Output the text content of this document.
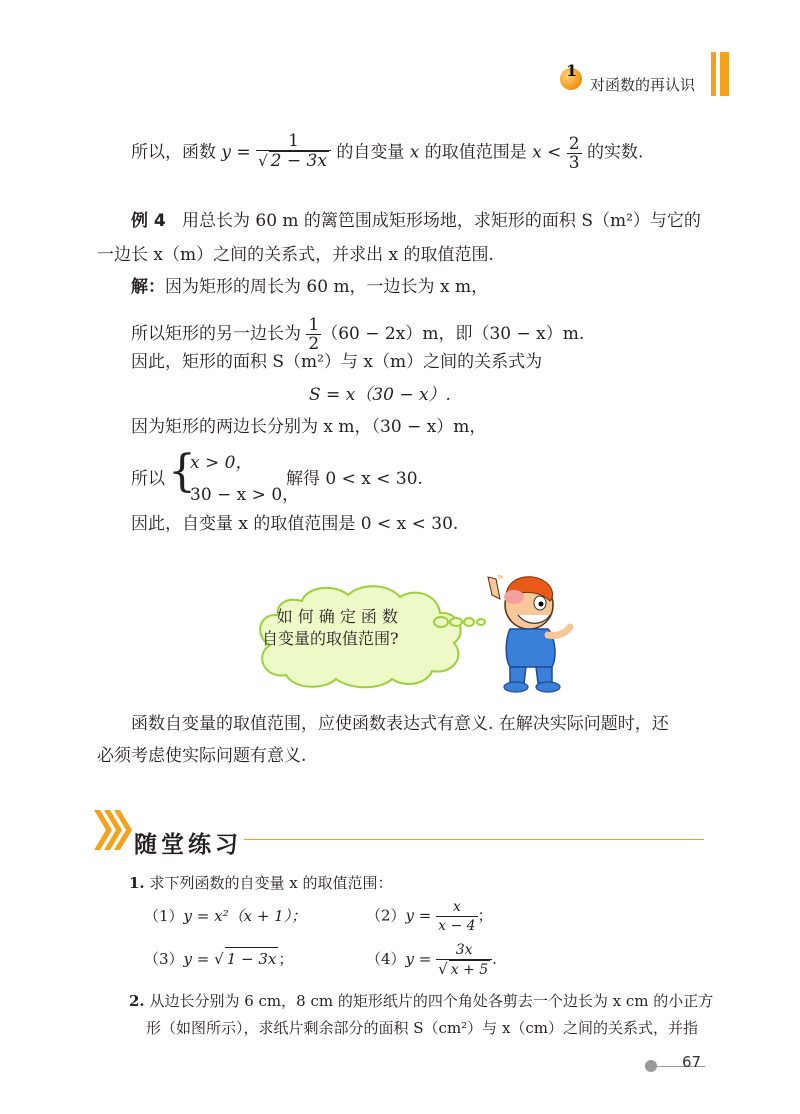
1
对函数的再认识
所以，函数 $y = \frac{1}{√ 2 - 3x}$ 的自变量 x 的取值范围是 $x < \frac{2}{3}$ 的实数.
例 4 用总长为 60 m 的篱笆围成矩形场地，求矩形的面积 S（m²）与它的
一边长 x（m）之间的关系式，并求出 x 的取值范围.
解：因为矩形的周长为 60 m，一边长为 x m，
所以矩形的另一边长为 $\frac{1}{2} (60 - 2x)m$，即（30 − x）m.
因此，矩形的面积 S（m²）与 x（m）之间的关系式为
S = x（30 − x）.
因为矩形的两边长分别为 x m，（30 − x）m，
所以 {
x > 0，
30 − x > 0，
解得 0 < x < 30.
因此，自变量 x 的取值范围是 0 < x < 30.
如 何 确 定 函 数
自变量的取值范围?
函数自变量的取值范围，应使函数表达式有意义. 在解决实际问题时，还
必须考虑使实际问题有意义.
随堂练习
1. 求下列函数的自变量 x 的取值范围：
（1）y = x²（x + 1）；	$(2)y = \frac{x}{x - 4}$ ；
（3）y = √ 1 − 3x ；	$(4)y = \frac{3x}{√ x + 5}$ .
2. 从边长分别为 6 cm，8 cm 的矩形纸片的四个角处各剪去一个边长为 x cm 的小正方
形（如图所示），求纸片剩余部分的面积 S（cm²）与 x（cm）之间的关系式，并指
67
